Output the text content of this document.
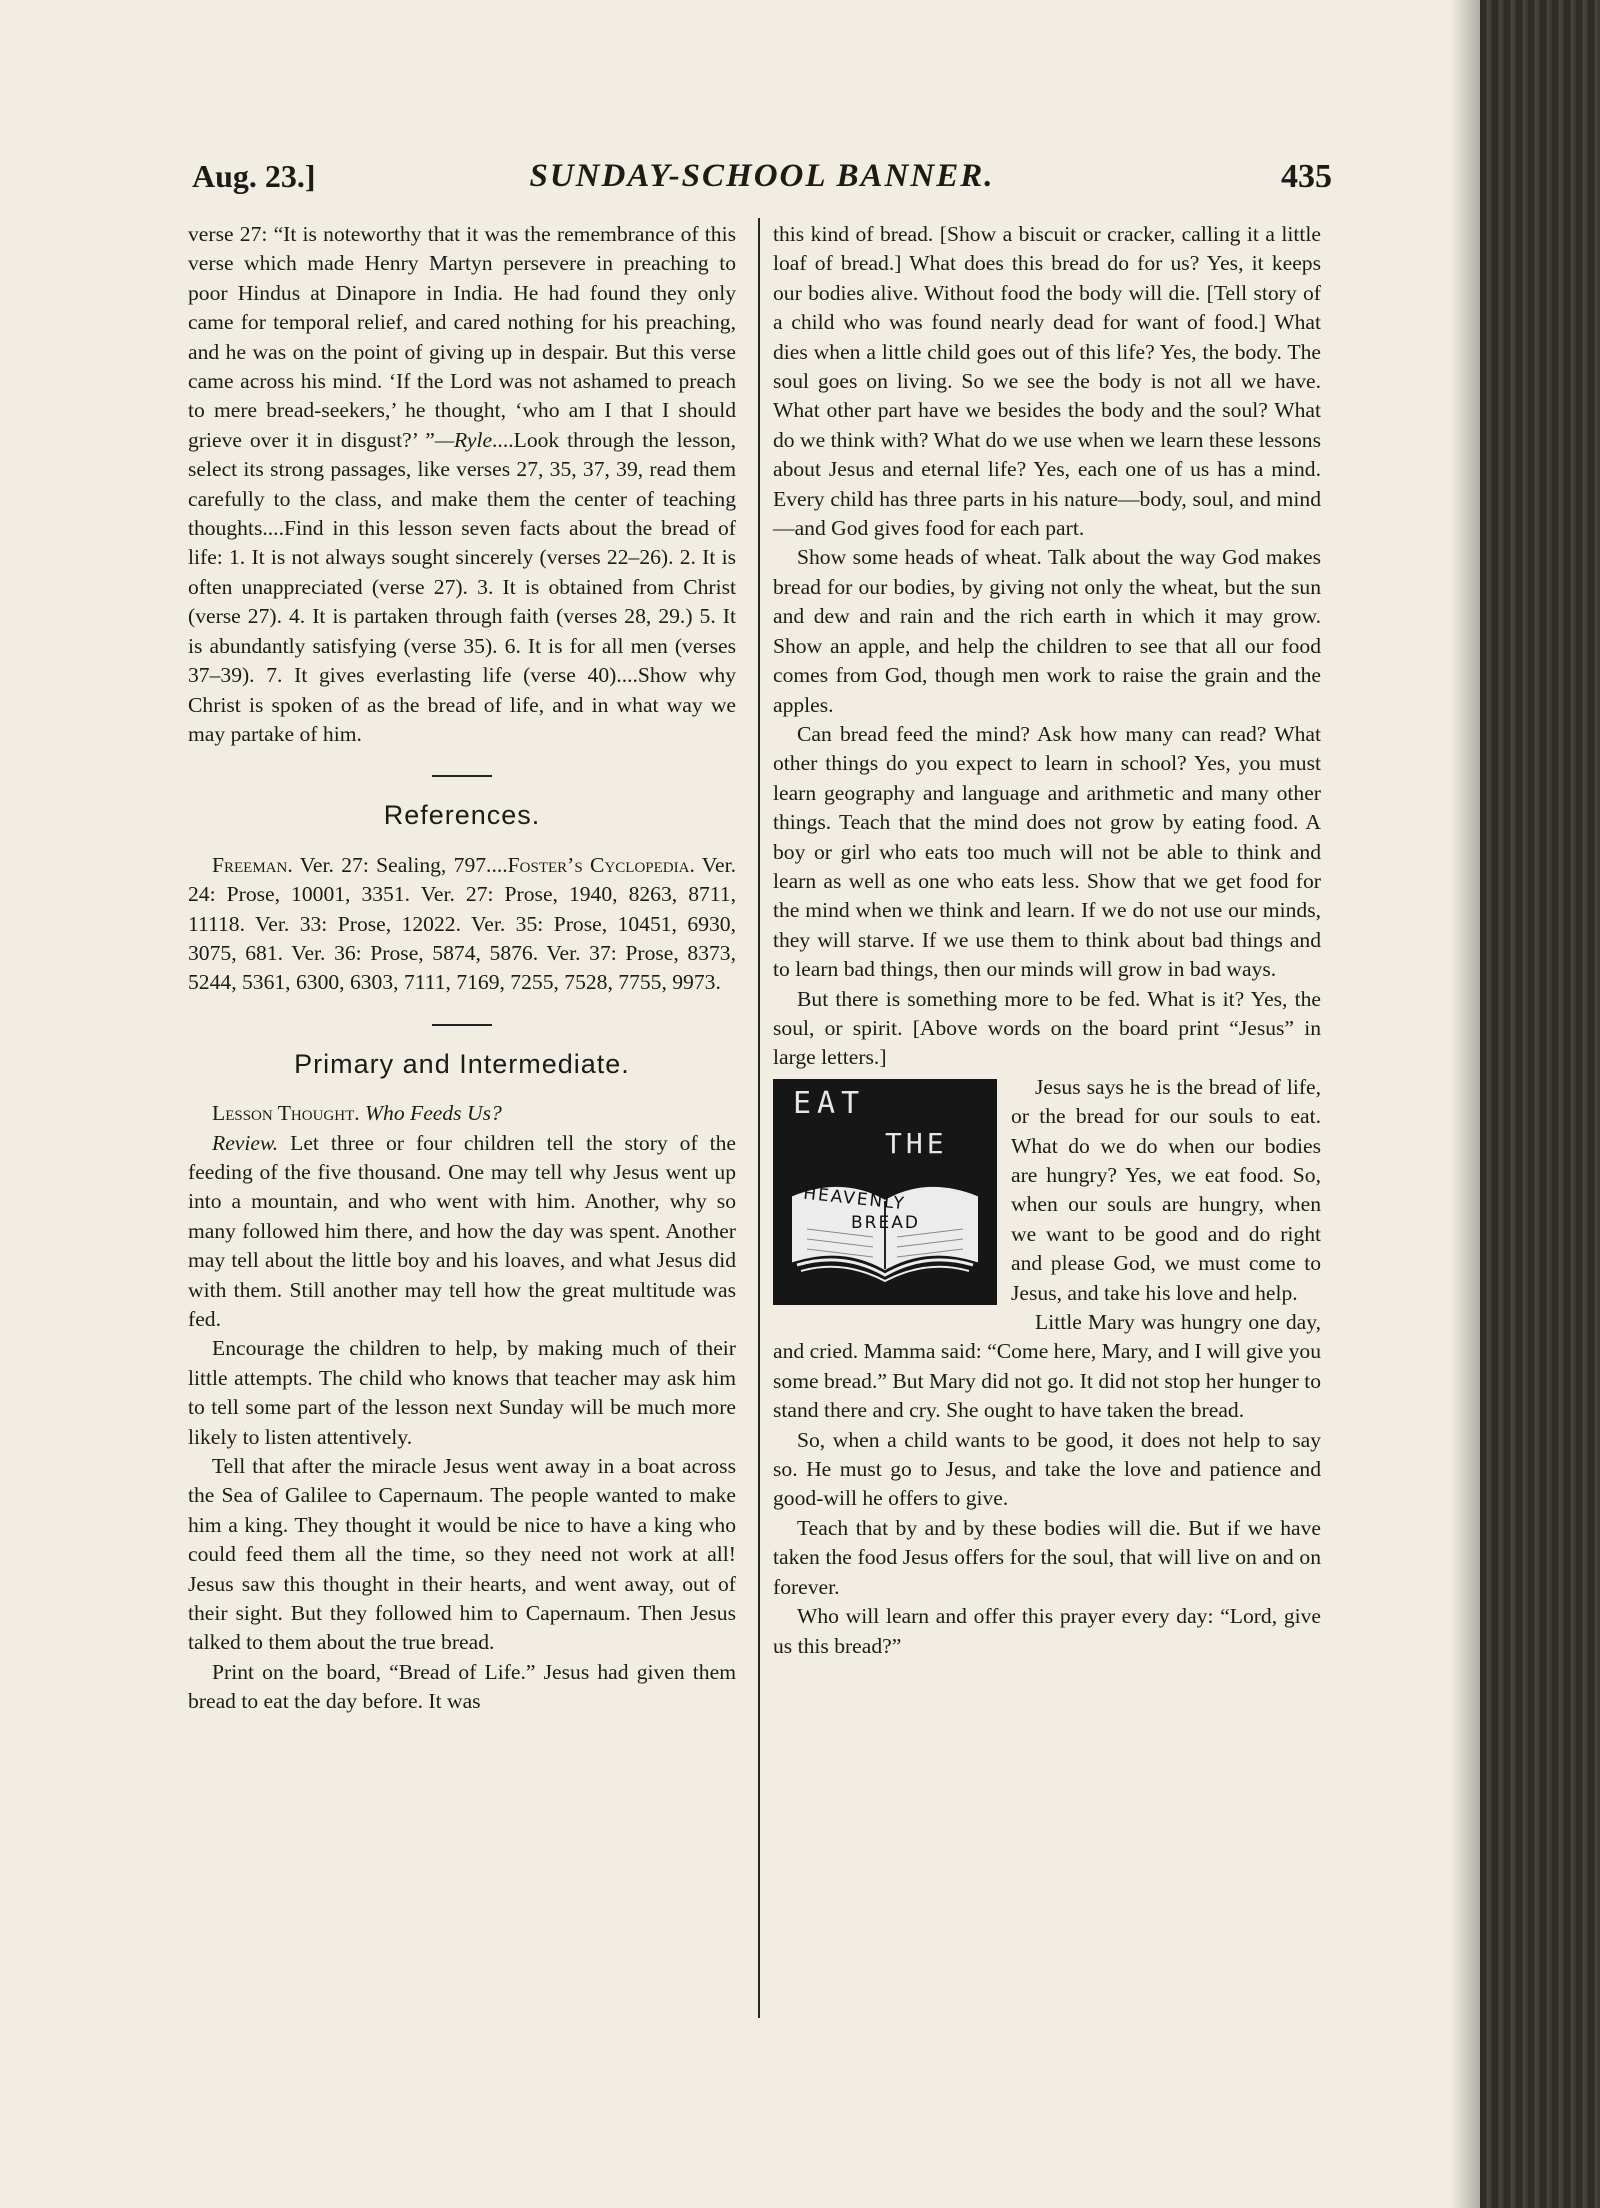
Aug. 23.]	SUNDAY-SCHOOL BANNER.	435

verse 27: “It is noteworthy that it was the remembrance of this verse which made Henry Martyn persevere in preaching to poor Hindus at Dinapore in India. He had found they only came for temporal relief, and cared nothing for his preaching, and he was on the point of giving up in despair. But this verse came across his mind. ‘If the Lord was not ashamed to preach to mere bread-seekers,’ he thought, ‘who am I that I should grieve over it in disgust?’ ”—Ryle....Look through the lesson, select its strong passages, like verses 27, 35, 37, 39, read them carefully to the class, and make them the center of teaching thoughts....Find in this lesson seven facts about the bread of life: 1. It is not always sought sincerely (verses 22–26). 2. It is often unappreciated (verse 27). 3. It is obtained from Christ (verse 27). 4. It is partaken through faith (verses 28, 29.) 5. It is abundantly satisfying (verse 35). 6. It is for all men (verses 37–39). 7. It gives everlasting life (verse 40)....Show why Christ is spoken of as the bread of life, and in what way we may partake of him.

References.

Freeman. Ver. 27: Sealing, 797....Foster’s Cyclopedia. Ver. 24: Prose, 10001, 3351. Ver. 27: Prose, 1940, 8263, 8711, 11118. Ver. 33: Prose, 12022. Ver. 35: Prose, 10451, 6930, 3075, 681. Ver. 36: Prose, 5874, 5876. Ver. 37: Prose, 8373, 5244, 5361, 6300, 6303, 7111, 7169, 7255, 7528, 7755, 9973.

Primary and Intermediate.

Lesson Thought. Who Feeds Us?

Review. Let three or four children tell the story of the feeding of the five thousand. One may tell why Jesus went up into a mountain, and who went with him. Another, why so many followed him there, and how the day was spent. Another may tell about the little boy and his loaves, and what Jesus did with them. Still another may tell how the great multitude was fed.

Encourage the children to help, by making much of their little attempts. The child who knows that teacher may ask him to tell some part of the lesson next Sunday will be much more likely to listen attentively.

Tell that after the miracle Jesus went away in a boat across the Sea of Galilee to Capernaum. The people wanted to make him a king. They thought it would be nice to have a king who could feed them all the time, so they need not work at all! Jesus saw this thought in their hearts, and went away, out of their sight. But they followed him to Capernaum. Then Jesus talked to them about the true bread.

Print on the board, “Bread of Life.” Jesus had given them bread to eat the day before. It was

this kind of bread. [Show a biscuit or cracker, calling it a little loaf of bread.] What does this bread do for us? Yes, it keeps our bodies alive. Without food the body will die. [Tell story of a child who was found nearly dead for want of food.] What dies when a little child goes out of this life? Yes, the body. The soul goes on living. So we see the body is not all we have. What other part have we besides the body and the soul? What do we think with? What do we use when we learn these lessons about Jesus and eternal life? Yes, each one of us has a mind. Every child has three parts in his nature—body, soul, and mind—and God gives food for each part.

Show some heads of wheat. Talk about the way God makes bread for our bodies, by giving not only the wheat, but the sun and dew and rain and the rich earth in which it may grow. Show an apple, and help the children to see that all our food comes from God, though men work to raise the grain and the apples.

Can bread feed the mind? Ask how many can read? What other things do you expect to learn in school? Yes, you must learn geography and language and arithmetic and many other things. Teach that the mind does not grow by eating food. A boy or girl who eats too much will not be able to think and learn as well as one who eats less. Show that we get food for the mind when we think and learn. If we do not use our minds, they will starve. If we use them to think about bad things and to learn bad things, then our minds will grow in bad ways.

But there is something more to be fed. What is it? Yes, the soul, or spirit. [Above words on the board print “Jesus” in large letters.]

EAT
THE
HEAVENLY
BREAD

Jesus says he is the bread of life, or the bread for our souls to eat. What do we do when our bodies are hungry? Yes, we eat food. So, when our souls are hungry, when we want to be good and do right and please God, we must come to Jesus, and take his love and help.

Little Mary was hungry one day, and cried. Mamma said: “Come here, Mary, and I will give you some bread.” But Mary did not go. It did not stop her hunger to stand there and cry. She ought to have taken the bread.

So, when a child wants to be good, it does not help to say so. He must go to Jesus, and take the love and patience and good-will he offers to give.

Teach that by and by these bodies will die. But if we have taken the food Jesus offers for the soul, that will live on and on forever.

Who will learn and offer this prayer every day: “Lord, give us this bread?”
